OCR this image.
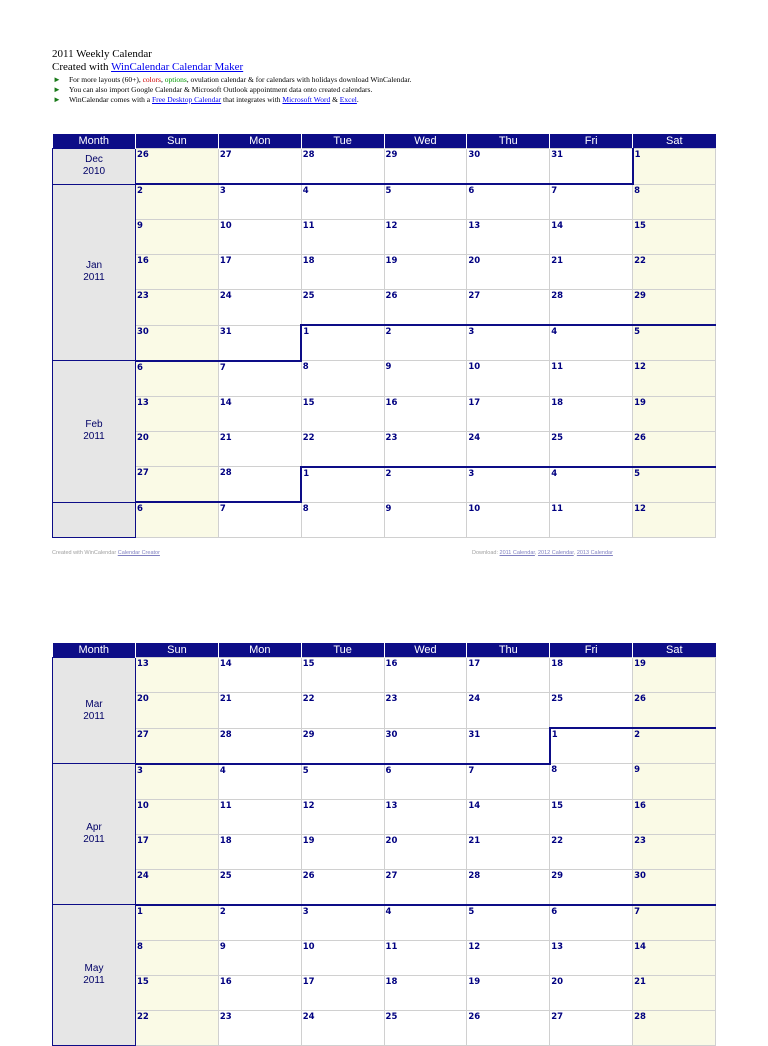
2011 Weekly Calendar
Created with WinCalendar Calendar Maker
► For more layouts (60+), colors, options, ovulation calendar & for calendars with holidays download WinCalendar.
► You can also import Google Calendar & Microsoft Outlook appointment data onto created calendars.
► WinCalendar comes with a Free Desktop Calendar that integrates with Microsoft Word & Excel.
Month	Sun	Mon	Tue	Wed	Thu	Fri	Sat

Dec
2010	26	27	28	29	30	31	1

Jan
2011	2	3	4	5	6	7	8

	9	10	11	12	13	14	15

	16	17	18	19	20	21	22

	23	24	25	26	27	28	29

	30	31	1	2	3	4	5

Feb
2011	6	7	8	9	10	11	12

	13	14	15	16	17	18	19

	20	21	22	23	24	25	26

	27	28	1	2	3	4	5

	6	7	8	9	10	11	12
Created with WinCalendar Calendar Creator	Download: 2011 Calendar, 2012 Calendar, 2013 Calendar
Month	Sun	Mon	Tue	Wed	Thu	Fri	Sat

Mar
2011	13	14	15	16	17	18	19

	20	21	22	23	24	25	26

	27	28	29	30	31	1	2

Apr
2011	3	4	5	6	7	8	9

	10	11	12	13	14	15	16

	17	18	19	20	21	22	23

	24	25	26	27	28	29	30

May
2011	1	2	3	4	5	6	7

	8	9	10	11	12	13	14

	15	16	17	18	19	20	21

	22	23	24	25	26	27	28
